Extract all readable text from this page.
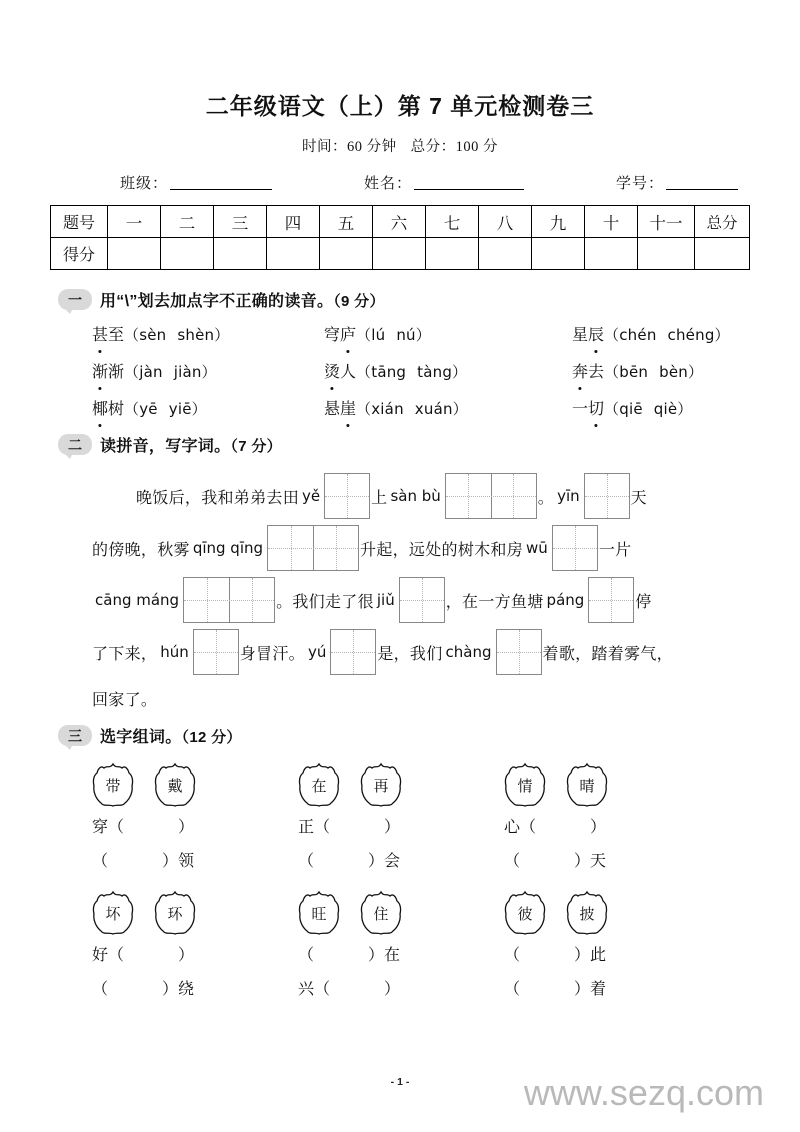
二年级语文（上）第 7 单元检测卷三
时间：60 分钟 总分：100 分
班级：	姓名：	学号：
题号	一	二	三	四	五	六	七	八	九	十	十一	总分
得分												
一	用“\”划去加点字不正确的读音。（9 分）
甚至（sèn shèn）	穹庐（lú nú）	星辰（chén chéng）
渐渐（jàn jiàn）	烫人（tāng tàng）	奔去（bēn bèn）
椰树（yē yiē）	悬崖（xián xuán）	一切（qiē qiè）
二	读拼音，写字词。（7 分）
晚饭后，我和弟弟去田 yě	上 sàn bù	。 yīn	天
的傍晚，秋雾 qīng qīng	升起，远处的树木和房 wū	一片
cāng máng	。我们走了很 jiǔ	，在一方鱼塘 páng	停
了下来， hún	身冒汗。 yú	是，我们 chàng	着歌，踏着雾气，
回家了。
三	选字组词。（12 分）
带	戴	在	再	情	晴
穿（	）	正（	）	心（	）
（	）领	（	）会	（	）天
坏	环	旺	住	彼	披
好（	）	（	）在	（	）此
（	）绕	兴（	）	（	）着
- 1 -	www.sezq.com
